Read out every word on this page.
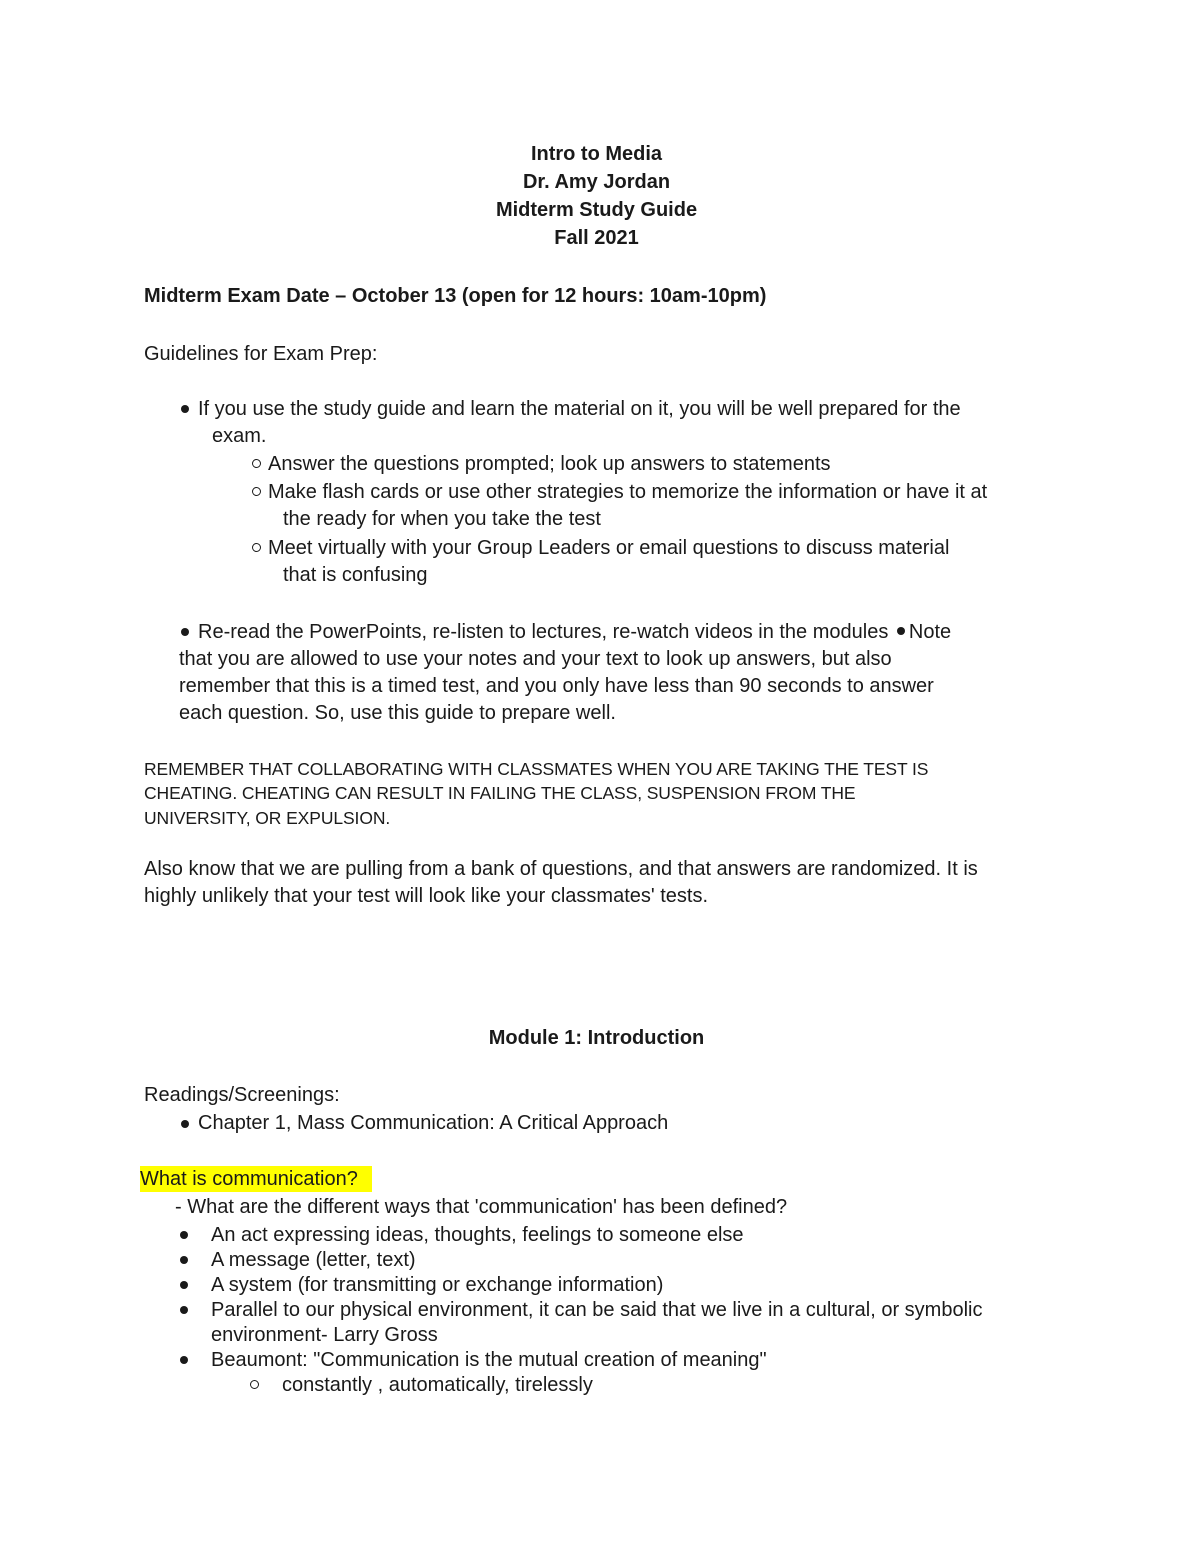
Intro to Media
Dr. Amy Jordan
Midterm Study Guide
Fall 2021
Midterm Exam Date – October 13 (open for 12 hours: 10am-10pm)
Guidelines for Exam Prep:
If you use the study guide and learn the material on it, you will be well prepared for the
exam.
Answer the questions prompted; look up answers to statements
Make flash cards or use other strategies to memorize the information or have it at
the ready for when you take the test
Meet virtually with your Group Leaders or email questions to discuss material
that is confusing
Re-read the PowerPoints, re-listen to lectures, re-watch videos in the modules Note
that you are allowed to use your notes and your text to look up answers, but also
remember that this is a timed test, and you only have less than 90 seconds to answer
each question. So, use this guide to prepare well.
REMEMBER THAT COLLABORATING WITH CLASSMATES WHEN YOU ARE TAKING THE TEST IS
CHEATING. CHEATING CAN RESULT IN FAILING THE CLASS, SUSPENSION FROM THE
UNIVERSITY, OR EXPULSION.
Also know that we are pulling from a bank of questions, and that answers are randomized. It is
highly unlikely that your test will look like your classmates' tests.
Module 1: Introduction
Readings/Screenings:
Chapter 1, Mass Communication: A Critical Approach
What is communication?
- What are the different ways that 'communication' has been defined?
An act expressing ideas, thoughts, feelings to someone else
A message (letter, text)
A system (for transmitting or exchange information)
Parallel to our physical environment, it can be said that we live in a cultural, or symbolic
environment- Larry Gross
Beaumont: "Communication is the mutual creation of meaning"
constantly , automatically, tirelessly
